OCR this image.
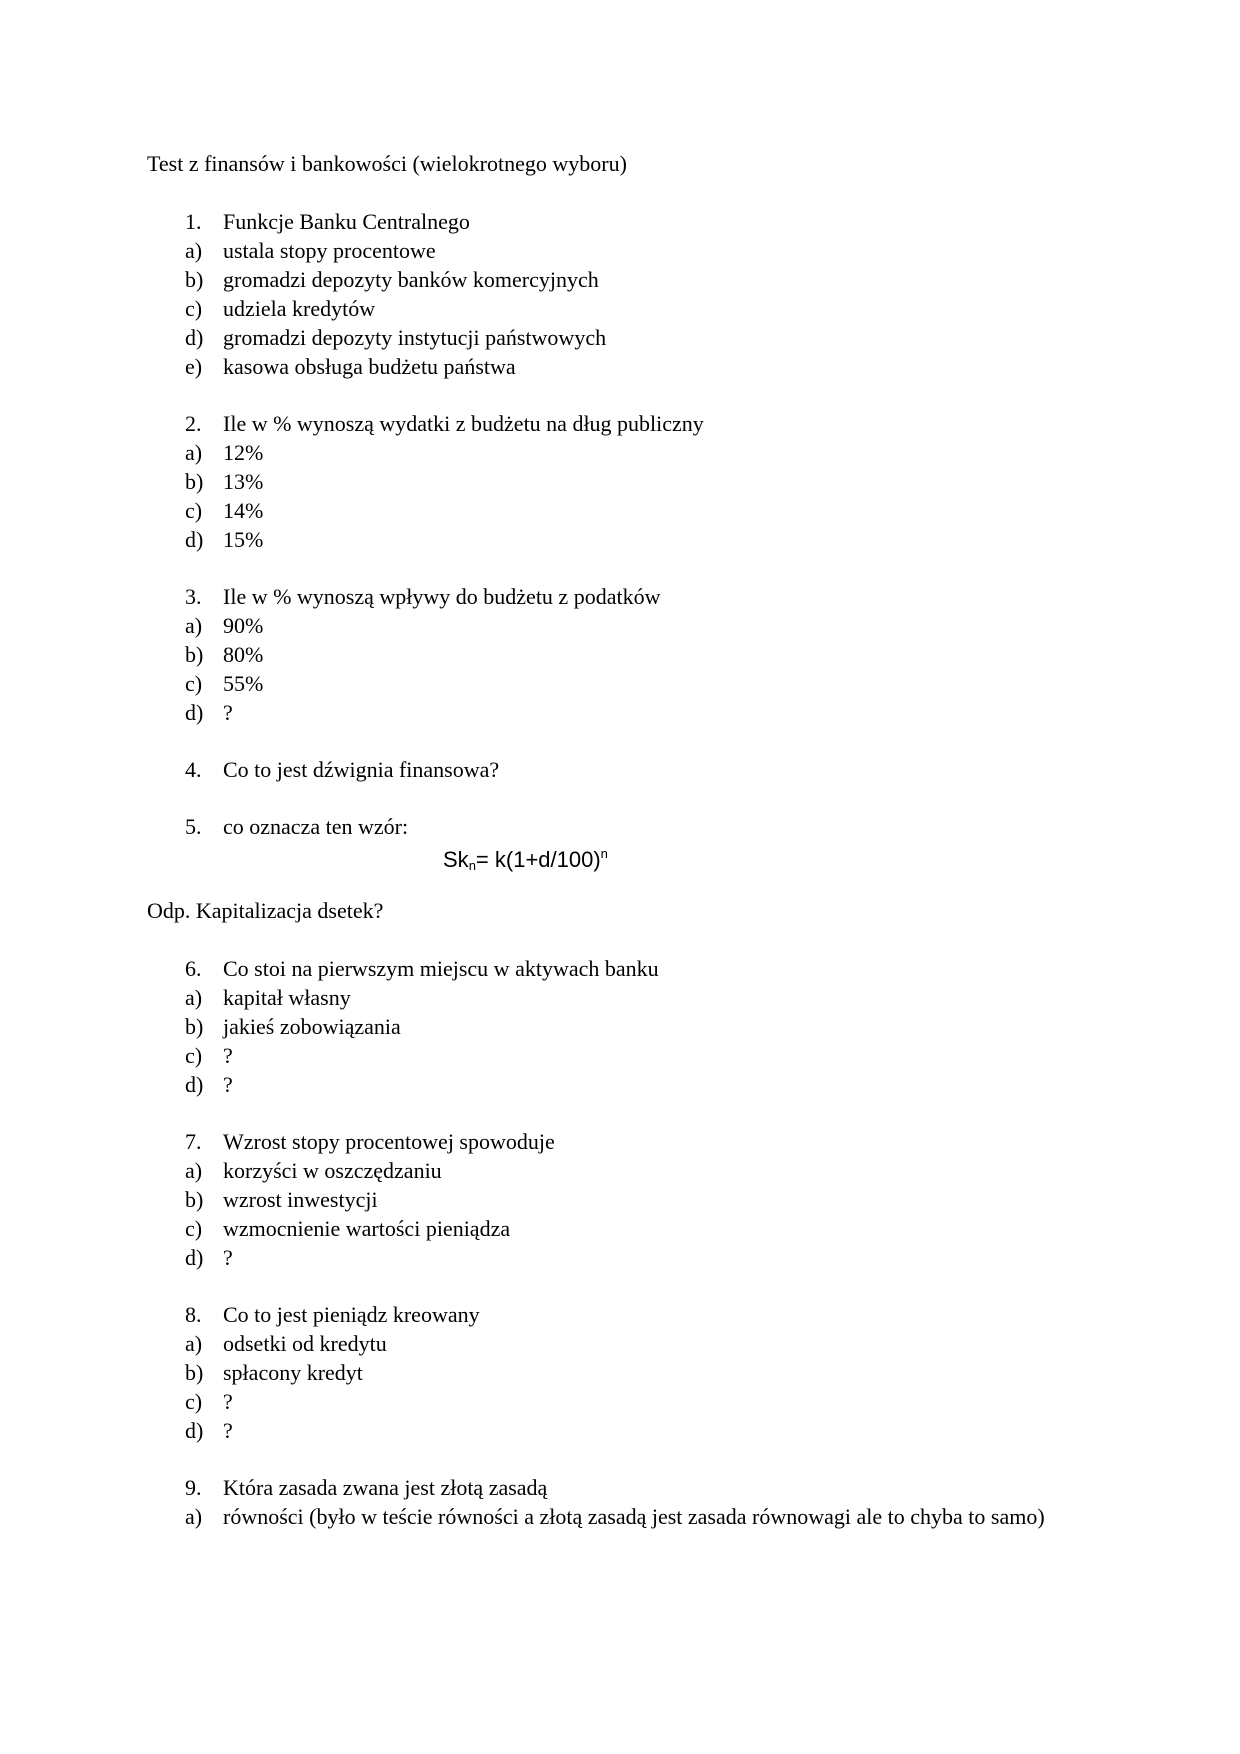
Test z finansów i bankowości (wielokrotnego wyboru)
1. Funkcje Banku Centralnego
a) ustala stopy procentowe
b) gromadzi depozyty banków komercyjnych
c) udziela kredytów
d) gromadzi depozyty instytucji państwowych
e) kasowa obsługa budżetu państwa
2. Ile w % wynoszą wydatki z budżetu na dług publiczny
a) 12%
b) 13%
c) 14%
d) 15%
3. Ile w % wynoszą wpływy do budżetu z podatków
a) 90%
b) 80%
c) 55%
d) ?
4. Co to jest dźwignia finansowa?
5. co oznacza ten wzór:
$Sk_n= k(1+d/100)^n$
Odp. Kapitalizacja dsetek?
6. Co stoi na pierwszym miejscu w aktywach banku
a) kapitał własny
b) jakieś zobowiązania
c) ?
d) ?
7. Wzrost stopy procentowej spowoduje
a) korzyści w oszczędzaniu
b) wzrost inwestycji
c) wzmocnienie wartości pieniądza
d) ?
8. Co to jest pieniądz kreowany
a) odsetki od kredytu
b) spłacony kredyt
c) ?
d) ?
9. Która zasada zwana jest złotą zasadą
a) równości (było w teście równości a złotą zasadą jest zasada równowagi ale to chyba to samo)
